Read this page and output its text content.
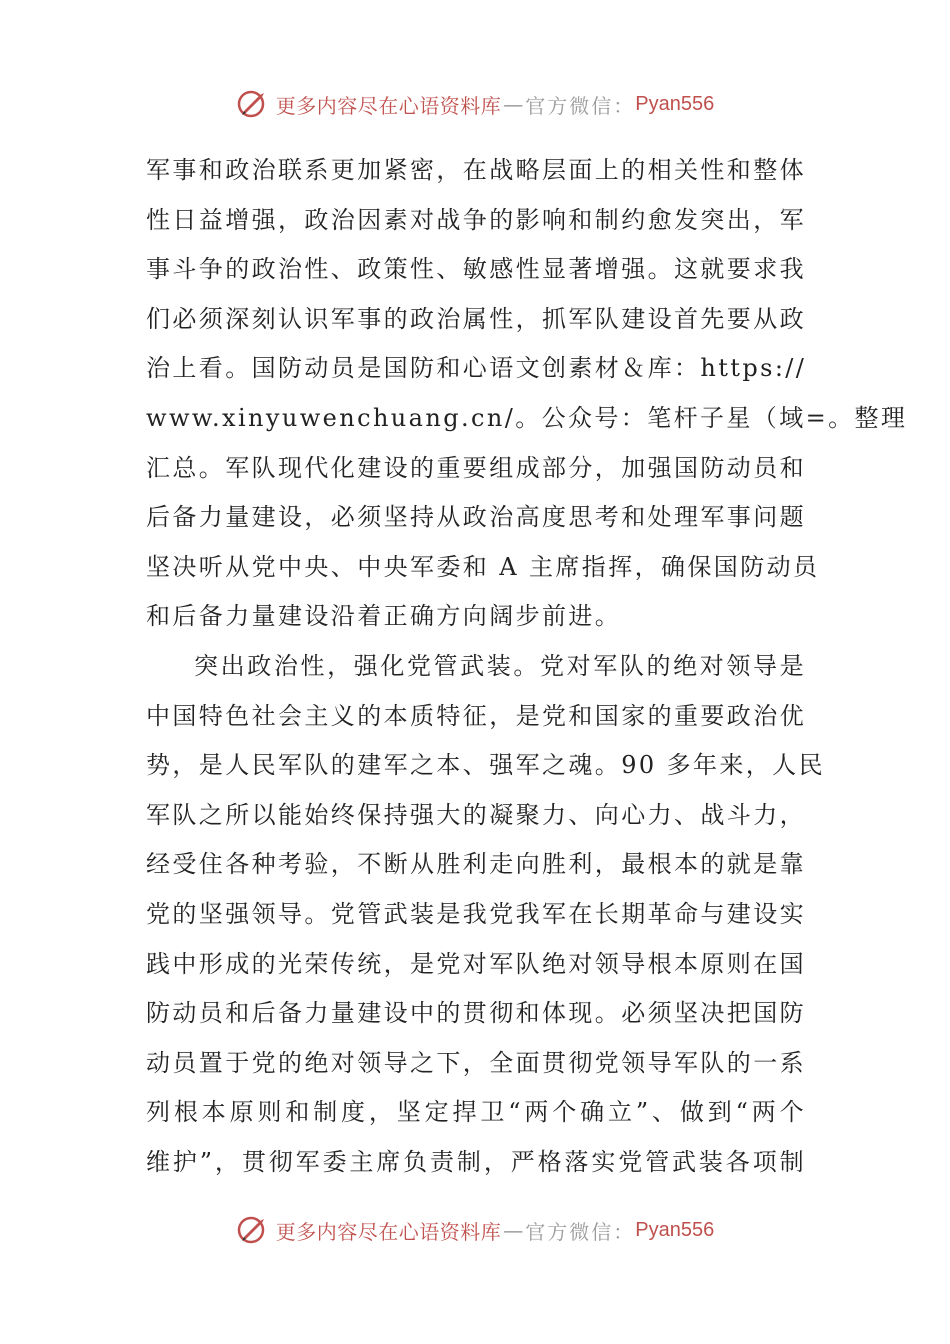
更多内容尽在心语资料库 — 官方微信： Pyan556
军事和政治联系更加紧密，在战略层面上的相关性和整体
性日益增强，政治因素对战争的影响和制约愈发突出，军
事斗争的政治性、政策性、敏感性显著增强。这就要求我
们必须深刻认识军事的政治属性，抓军队建设首先要从政
治上看。国防动员是国防和心语文创素材＆库：https://
www.xinyuwenchuang.cn/。公众号：笔杆子星（域=。整理
汇总。军队现代化建设的重要组成部分，加强国防动员和
后备力量建设，必须坚持从政治高度思考和处理军事问题
坚决听从党中央、中央军委和 A 主席指挥，确保国防动员
和后备力量建设沿着正确方向阔步前进。
突出政治性，强化党管武装。党对军队的绝对领导是
中国特色社会主义的本质特征，是党和国家的重要政治优
势，是人民军队的建军之本、强军之魂。90 多年来，人民
军队之所以能始终保持强大的凝聚力、向心力、战斗力，
经受住各种考验，不断从胜利走向胜利，最根本的就是靠
党的坚强领导。党管武装是我党我军在长期革命与建设实
践中形成的光荣传统，是党对军队绝对领导根本原则在国
防动员和后备力量建设中的贯彻和体现。必须坚决把国防
动员置于党的绝对领导之下，全面贯彻党领导军队的一系
列根本原则和制度，坚定捍卫“两个确立”、做到“两个
维护”，贯彻军委主席负责制，严格落实党管武装各项制
更多内容尽在心语资料库 — 官方微信： Pyan556
